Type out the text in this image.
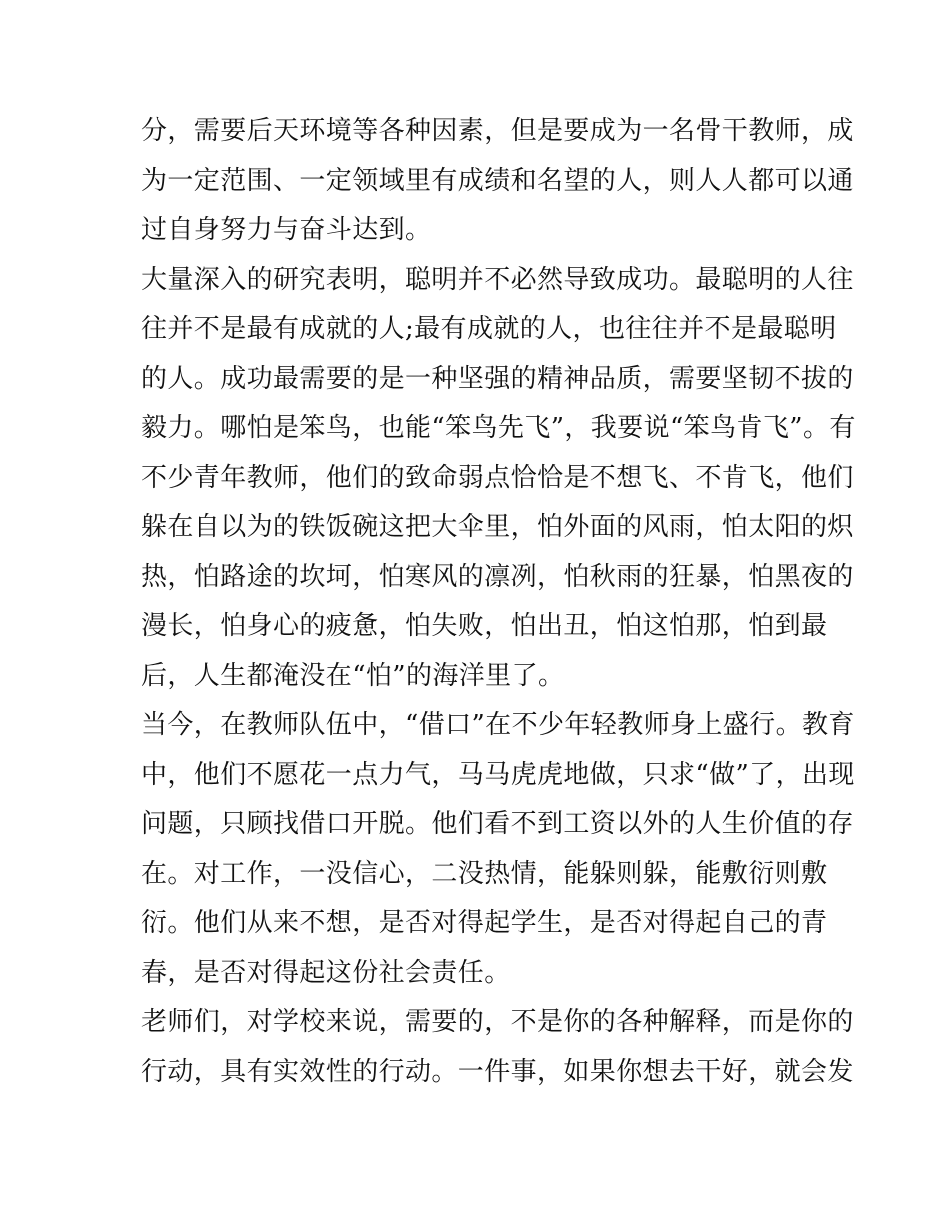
分，需要后天环境等各种因素，但是要成为一名骨干教师，成
为一定范围、一定领域里有成绩和名望的人，则人人都可以通
过自身努力与奋斗达到。
大量深入的研究表明，聪明并不必然导致成功。最聪明的人往
往并不是最有成就的人;最有成就的人，也往往并不是最聪明
的人。成功最需要的是一种坚强的精神品质，需要坚韧不拔的
毅力。哪怕是笨鸟，也能“笨鸟先飞”，我要说“笨鸟肯飞”。有
不少青年教师，他们的致命弱点恰恰是不想飞、不肯飞，他们
躲在自以为的铁饭碗这把大伞里，怕外面的风雨，怕太阳的炽
热，怕路途的坎坷，怕寒风的凛冽，怕秋雨的狂暴，怕黑夜的
漫长，怕身心的疲惫，怕失败，怕出丑，怕这怕那，怕到最
后，人生都淹没在“怕”的海洋里了。
当今，在教师队伍中，“借口”在不少年轻教师身上盛行。教育
中，他们不愿花一点力气，马马虎虎地做，只求“做”了，出现
问题，只顾找借口开脱。他们看不到工资以外的人生价值的存
在。对工作，一没信心，二没热情，能躲则躲，能敷衍则敷
衍。他们从来不想，是否对得起学生，是否对得起自己的青
春，是否对得起这份社会责任。
老师们，对学校来说，需要的，不是你的各种解释，而是你的
行动，具有实效性的行动。一件事，如果你想去干好，就会发
